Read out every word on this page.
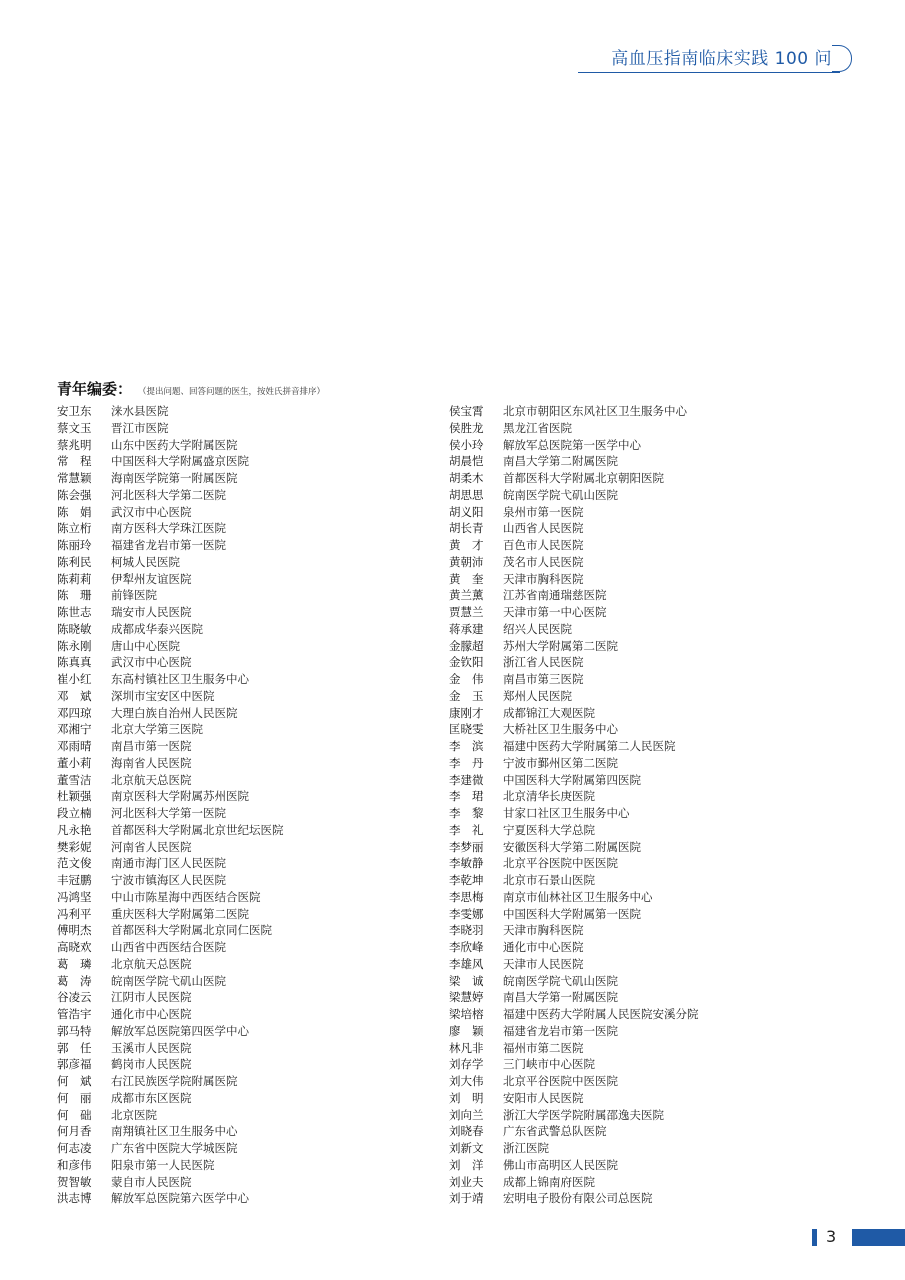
高血压指南临床实践 100 问
青年编委： （提出问题、回答问题的医生，按姓氏拼音排序）
安卫东	涞水县医院
蔡文玉	晋江市医院
蔡兆明	山东中医药大学附属医院
常　程	中国医科大学附属盛京医院
常慧颖	海南医学院第一附属医院
陈会强	河北医科大学第二医院
陈　娟	武汉市中心医院
陈立桁	南方医科大学珠江医院
陈丽玲	福建省龙岩市第一医院
陈利民	柯城人民医院
陈莉莉	伊犁州友谊医院
陈　珊	前锋医院
陈世志	瑞安市人民医院
陈晓敏	成都成华泰兴医院
陈永刚	唐山中心医院
陈真真	武汉市中心医院
崔小红	东高村镇社区卫生服务中心
邓　斌	深圳市宝安区中医院
邓四琼	大理白族自治州人民医院
邓湘宁	北京大学第三医院
邓雨晴	南昌市第一医院
董小莉	海南省人民医院
董雪洁	北京航天总医院
杜颖强	南京医科大学附属苏州医院
段立楠	河北医科大学第一医院
凡永艳	首都医科大学附属北京世纪坛医院
樊彩妮	河南省人民医院
范文俊	南通市海门区人民医院
丰冠鹏	宁波市镇海区人民医院
冯鸿坚	中山市陈星海中西医结合医院
冯利平	重庆医科大学附属第二医院
傅明杰	首都医科大学附属北京同仁医院
高晓欢	山西省中西医结合医院
葛　璘	北京航天总医院
葛　涛	皖南医学院弋矶山医院
谷凌云	江阴市人民医院
管浩宇	通化市中心医院
郭马特	解放军总医院第四医学中心
郭　任	玉溪市人民医院
郭彦福	鹤岗市人民医院
何　斌	右江民族医学院附属医院
何　丽	成都市东区医院
何　础	北京医院
何月香	南翔镇社区卫生服务中心
何志凌	广东省中医院大学城医院
和彦伟	阳泉市第一人民医院
贺智敏	蒙自市人民医院
洪志博	解放军总医院第六医学中心
侯宝霄	北京市朝阳区东风社区卫生服务中心
侯胜龙	黑龙江省医院
侯小玲	解放军总医院第一医学中心
胡晨恺	南昌大学第二附属医院
胡柔木	首都医科大学附属北京朝阳医院
胡思思	皖南医学院弋矶山医院
胡义阳	泉州市第一医院
胡长青	山西省人民医院
黄　才	百色市人民医院
黄朝沛	茂名市人民医院
黄　奎	天津市胸科医院
黄兰薰	江苏省南通瑞慈医院
贾慧兰	天津市第一中心医院
蒋承建	绍兴人民医院
金朦超	苏州大学附属第二医院
金钦阳	浙江省人民医院
金　伟	南昌市第三医院
金　玉	郑州人民医院
康刚才	成都锦江大观医院
匡晓雯	大桥社区卫生服务中心
李　滨	福建中医药大学附属第二人民医院
李　丹	宁波市鄞州区第二医院
李建微	中国医科大学附属第四医院
李　珺	北京清华长庚医院
李　黎	甘家口社区卫生服务中心
李　礼	宁夏医科大学总院
李梦丽	安徽医科大学第二附属医院
李敏静	北京平谷医院中医医院
李乾坤	北京市石景山医院
李思梅	南京市仙林社区卫生服务中心
李雯娜	中国医科大学附属第一医院
李晓羽	天津市胸科医院
李欣峰	通化市中心医院
李雄风	天津市人民医院
梁　诚	皖南医学院弋矶山医院
梁慧婷	南昌大学第一附属医院
梁培榕	福建中医药大学附属人民医院安溪分院
廖　颖	福建省龙岩市第一医院
林凡非	福州市第二医院
刘存学	三门峡市中心医院
刘大伟	北京平谷医院中医医院
刘　明	安阳市人民医院
刘向兰	浙江大学医学院附属邵逸夫医院
刘晓春	广东省武警总队医院
刘新文	浙江医院
刘　洋	佛山市高明区人民医院
刘业夫	成都上锦南府医院
刘于靖	宏明电子股份有限公司总医院
3
